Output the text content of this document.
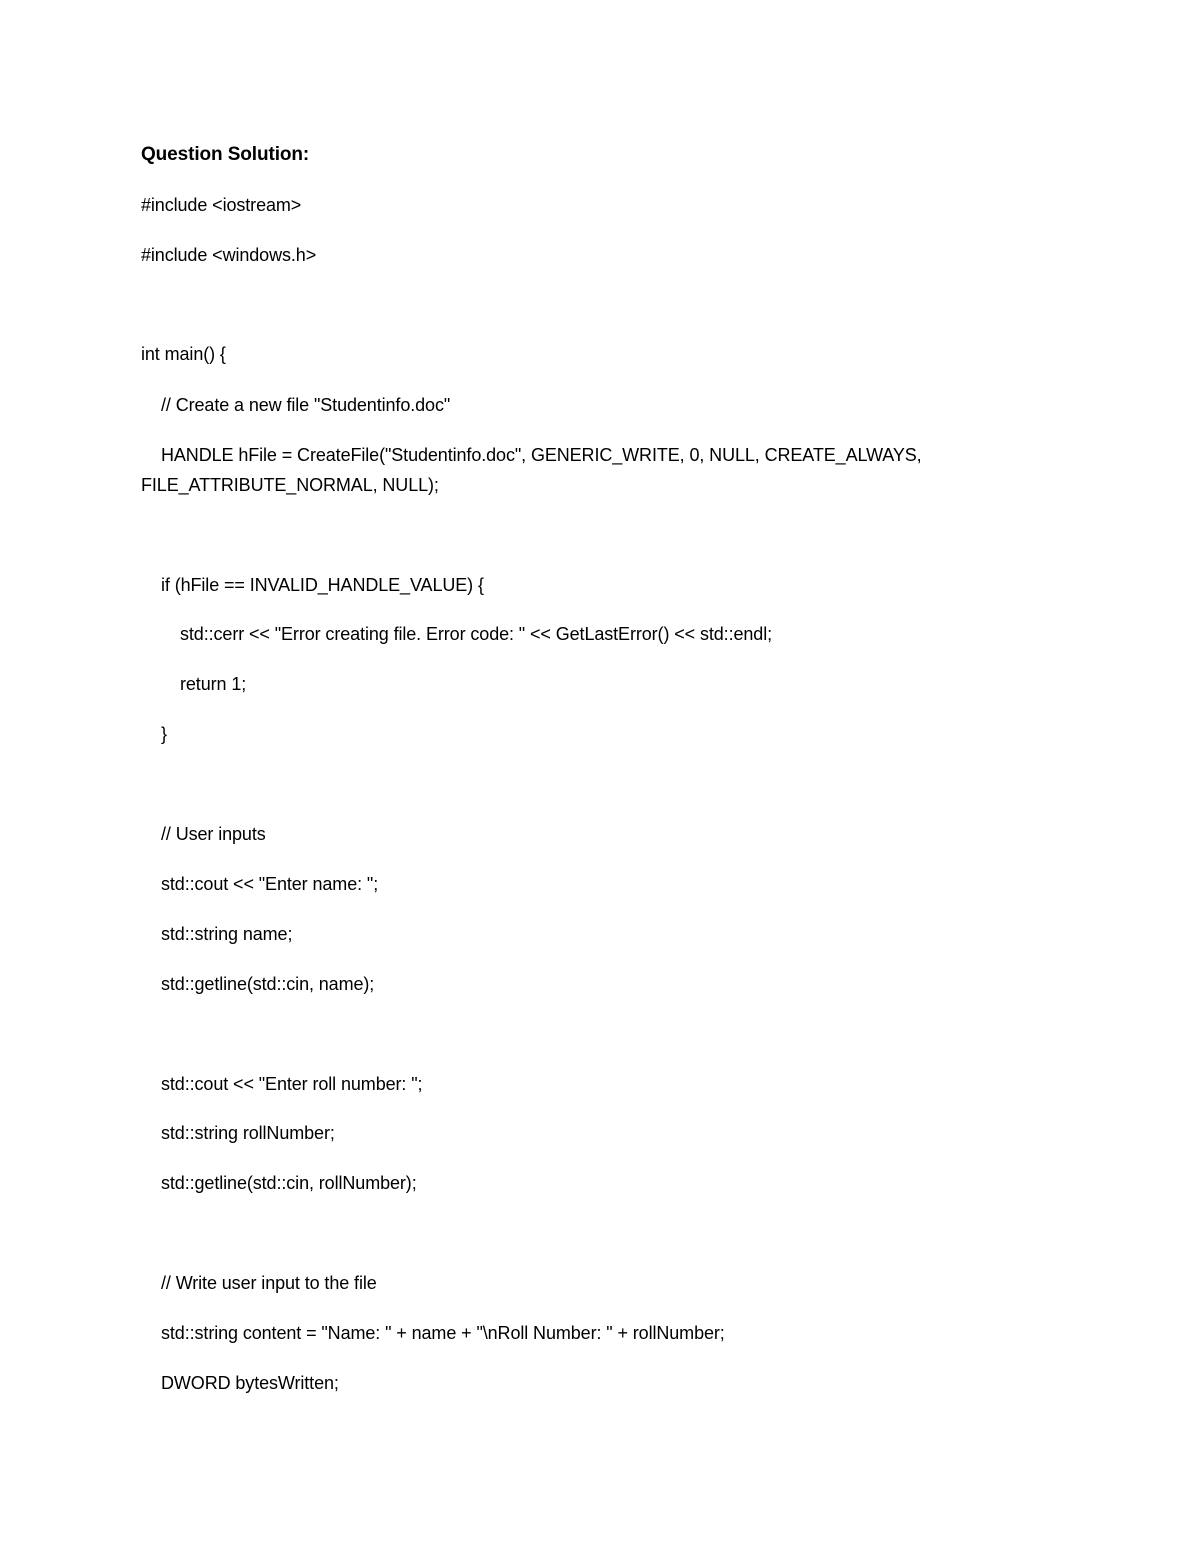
Question Solution:
#include <iostream>
#include <windows.h>
int main() {
// Create a new file "Studentinfo.doc"
HANDLE hFile = CreateFile("Studentinfo.doc", GENERIC_WRITE, 0, NULL, CREATE_ALWAYS,
FILE_ATTRIBUTE_NORMAL, NULL);
if (hFile == INVALID_HANDLE_VALUE) {
std::cerr << "Error creating file. Error code: " << GetLastError() << std::endl;
return 1;
}
// User inputs
std::cout << "Enter name: ";
std::string name;
std::getline(std::cin, name);
std::cout << "Enter roll number: ";
std::string rollNumber;
std::getline(std::cin, rollNumber);
// Write user input to the file
std::string content = "Name: " + name + "\nRoll Number: " + rollNumber;
DWORD bytesWritten;
